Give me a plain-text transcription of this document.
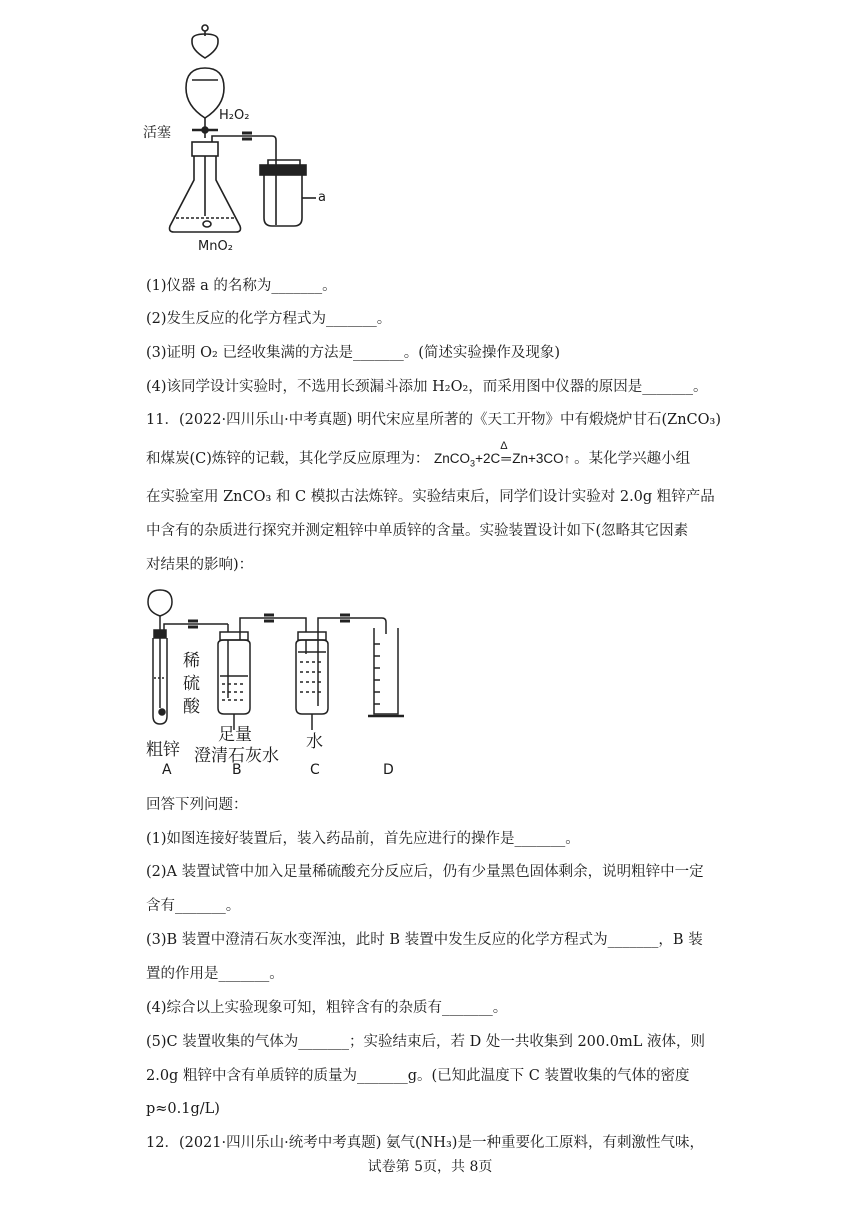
H₂O₂
活塞
a
MnO₂
(1)仪器 a 的名称为_______。
(2)发生反应的化学方程式为_______。
(3)证明 O₂ 已经收集满的方法是_______。(简述实验操作及现象)
(4)该同学设计实验时，不选用长颈漏斗添加 H₂O₂，而采用图中仪器的原因是_______。
11．(2022·四川乐山·中考真题) 明代宋应星所著的《天工开物》中有煅烧炉甘石(ZnCO₃)
和煤炭(C)炼锌的记载，其化学反应原理为： ZnCO$_3$+2C
Δ
═Zn+3CO↑ 。某化学兴趣小组
在实验室用 ZnCO₃ 和 C 模拟古法炼锌。实验结束后，同学们设计实验对 2.0g 粗锌产品
中含有的杂质进行探究并测定粗锌中单质锌的含量。实验装置设计如下(忽略其它因素
对结果的影响)：
稀硫酸
粗锌
足量
澄清石灰水
水
A	B	C	D
回答下列问题：
(1)如图连接好装置后，装入药品前，首先应进行的操作是_______。
(2)A 装置试管中加入足量稀硫酸充分反应后，仍有少量黑色固体剩余，说明粗锌中一定
含有_______。
(3)B 装置中澄清石灰水变浑浊，此时 B 装置中发生反应的化学方程式为_______，B 装
置的作用是_______。
(4)综合以上实验现象可知，粗锌含有的杂质有_______。
(5)C 装置收集的气体为_______；实验结束后，若 D 处一共收集到 200.0mL 液体，则
2.0g 粗锌中含有单质锌的质量为_______g。(已知此温度下 C 装置收集的气体的密度
p≈0.1g/L)
12．(2021·四川乐山·统考中考真题) 氨气(NH₃)是一种重要化工原料，有刺激性气味，
试卷第 5页，共 8页
